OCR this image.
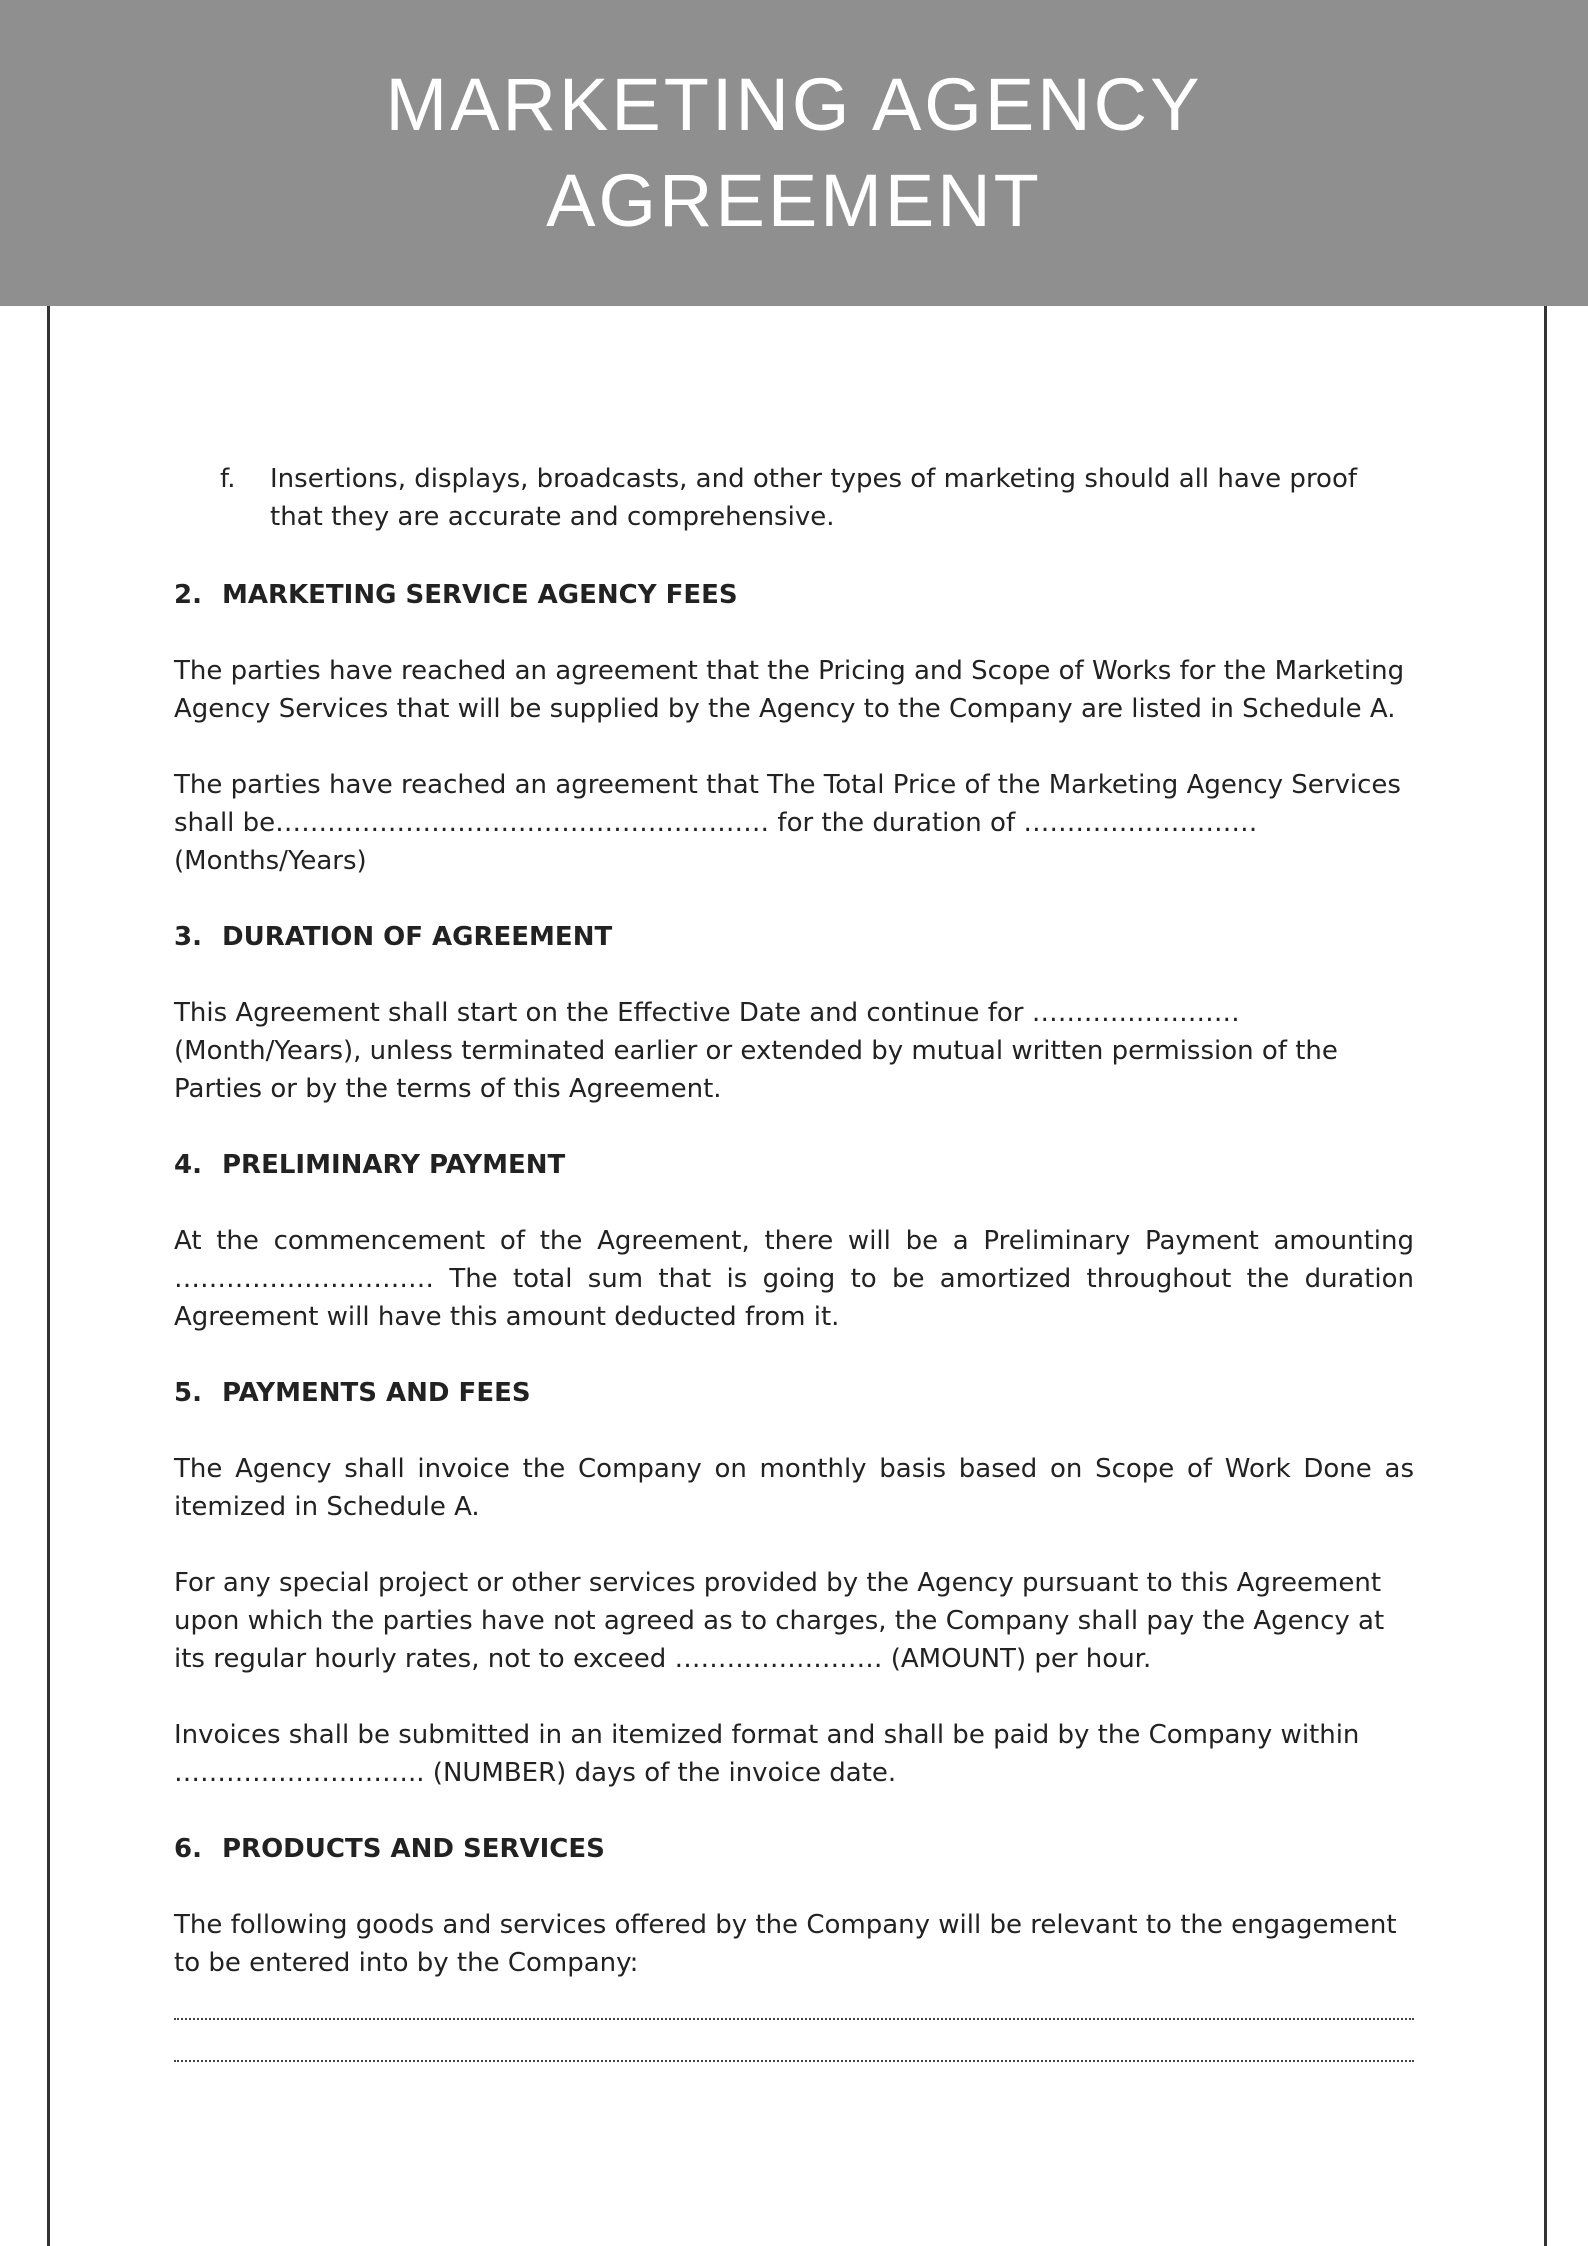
MARKETING AGENCY
AGREEMENT
f.	Insertions, displays, broadcasts, and other types of marketing should all have proof that they are accurate and comprehensive.
2. MARKETING SERVICE AGENCY FEES

The parties have reached an agreement that the Pricing and Scope of Works for the Marketing Agency Services that will be supplied by the Agency to the Company are listed in Schedule A.

The parties have reached an agreement that The Total Price of the Marketing Agency Services shall be………………………………………………… for the duration of ……………………… (Months/Years)

3. DURATION OF AGREEMENT

This Agreement shall start on the Effective Date and continue for …………………… (Month/Years), unless terminated earlier or extended by mutual written permission of the Parties or by the terms of this Agreement.

4. PRELIMINARY PAYMENT

At the commencement of the Agreement, there will be a Preliminary Payment amounting ………………………… The total sum that is going to be amortized throughout the duration Agreement will have this amount deducted from it.

5. PAYMENTS AND FEES

The Agency shall invoice the Company on monthly basis based on Scope of Work Done as itemized in Schedule A.

For any special project or other services provided by the Agency pursuant to this Agreement upon which the parties have not agreed as to charges, the Company shall pay the Agency at its regular hourly rates, not to exceed …………………… (AMOUNT) per hour.

Invoices shall be submitted in an itemized format and shall be paid by the Company within ……………………….. (NUMBER) days of the invoice date.

6. PRODUCTS AND SERVICES

The following goods and services offered by the Company will be relevant to the engagement to be entered into by the Company:
